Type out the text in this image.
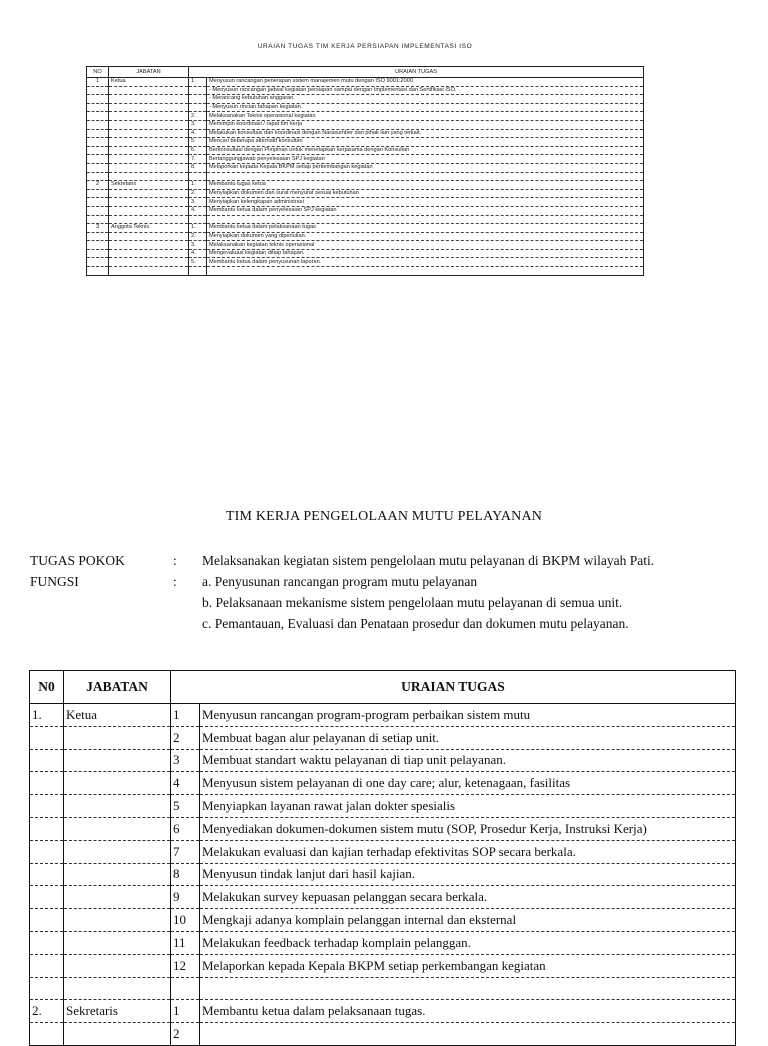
URAIAN TUGAS TIM KERJA PERSIAPAN IMPLEMENTASI ISO
NO	JABATAN	URAIAN TUGAS	
1	Ketua	1.	Menyusun rancangan penerapan sistem manajemen mutu dengan ISO 9001:2000
			- Menyusun rancangan jadwal kegiatan persiapan sampai dengan Implementasi dan Sertifikasi ISO.
			- Merancang kebutuhan anggaran.
			- Menyusun rincian tahapan kegiatan.
		2.	Melaksanakan Teknis operasional kegiatan
		3.	Memimpin koordinasi / rapat tim kerja
		4.	Melakukan konsultasi dan koordinasi dengan Narasumber dan pihak lain yang terkait.
		5.	Mencari beberapa alternatif konsultan
		6.	Berkonsultasi dengan Pimpinan untuk menetapkan kerjasama dengan Konsultan
		7.	Bertanggungjawab penyelesaian SPJ kegiatan
		8.	Melaporkan kepada Kepala BKPM setiap perkembangan kegiatan

2	Sekretaris	1.	Membantu tugas ketua
		2.	Menyiapkan dokumen dan surat menyurat sesuai kebutuhan
		3.	Menyiapkan kelengkapan administrasi
		4.	Membantu ketua dalam penyelesaian SPJ kegiatan

3	Anggota Teknis	1.	Membantu ketua dalam pelaksanaan tugas
		2.	Menyiapkan dokumen yang diperlukan.
		3.	Melaksanakan kegiatan teknis operasional
		4.	Mengevaluasi kegiatan ditiap tahapan.
		5.	Membantu ketua dalam penyusunan laporan.

TIM KERJA PENGELOLAAN MUTU PELAYANAN
TUGAS POKOK	:	Melaksanakan kegiatan sistem pengelolaan mutu pelayanan di BKPM wilayah Pati.
FUNGSI	:	a. Penyusunan rancangan program mutu pelayanan
b. Pelaksanaan mekanisme sistem pengelolaan mutu pelayanan di semua unit.
c. Pemantauan, Evaluasi dan Penataan prosedur dan dokumen mutu pelayanan.
N0	JABATAN	URAIAN TUGAS	
1.	Ketua	1	Menyusun rancangan program-program perbaikan sistem mutu
		2	Membuat bagan alur pelayanan di setiap unit.
		3	Membuat standart waktu pelayanan di tiap unit pelayanan.
		4	Menyusun sistem pelayanan di one day care; alur, ketenagaan, fasilitas
		5	Menyiapkan layanan rawat jalan dokter spesialis
		6	Menyediakan dokumen-dokumen sistem mutu (SOP, Prosedur Kerja, Instruksi Kerja)
		7	Melakukan evaluasi dan kajian terhadap efektivitas SOP secara berkala.
		8	Menyusun tindak lanjut dari hasil kajian.
		9	Melakukan survey kepuasan pelanggan secara berkala.
		10	Mengkaji adanya komplain pelanggan internal dan eksternal
		11	Melakukan feedback terhadap komplain pelanggan.
		12	Melaporkan kepada Kepala BKPM setiap perkembangan kegiatan

2.	Sekretaris	1	Membantu ketua dalam pelaksanaan tugas.
		2	
